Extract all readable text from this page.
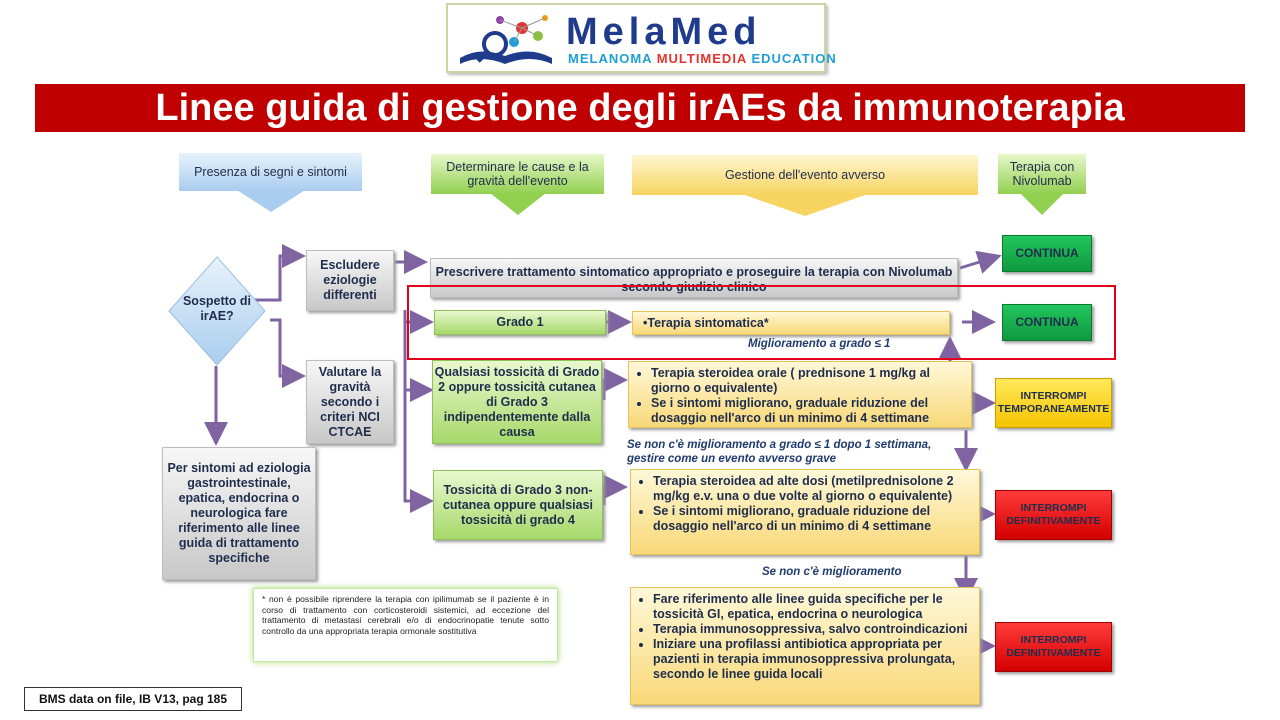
MelaMed
MELANOMA MULTIMEDIA EDUCATION
Linee guida di gestione degli irAEs da immunoterapia
Presenza di segni e sintomi	Determinare le cause e la gravità dell'evento	Gestione dell'evento avverso
Terapia con Nivolumab
Sospetto di irAE?
Escludere eziologie differenti
Valutare la gravità secondo i criteri NCI CTCAE
Per sintomi ad eziologia gastrointestinale, epatica, endocrina o neurologica fare riferimento alle linee guida di trattamento specifiche
Prescrivere trattamento sintomatico appropriato e proseguire la terapia con Nivolumab secondo giudizio clinico
Grado 1	•Terapia sintomatica*
Miglioramento a grado ≤ 1
Qualsiasi tossicità di Grado 2 oppure tossicità cutanea di Grado 3 indipendentemente dalla causa
• Terapia steroidea orale ( prednisone 1 mg/kg al giorno o equivalente)
• Se i sintomi migliorano, graduale riduzione del dosaggio nell'arco di un minimo di 4 settimane
Se non c'è miglioramento a grado ≤ 1 dopo 1 settimana,
gestire come un evento avverso grave
Tossicità di Grado 3 non-cutanea oppure qualsiasi tossicità di grado 4
• Terapia steroidea ad alte dosi (metilprednisolone 2 mg/kg e.v. una o due volte al giorno o equivalente)
• Se i sintomi migliorano, graduale riduzione del dosaggio nell'arco di un minimo di 4 settimane
Se non c'è miglioramento
• Fare riferimento alle linee guida specifiche per le tossicità GI, epatica, endocrina o neurologica
• Terapia immunosoppressiva, salvo controindicazioni
• Iniziare una profilassi antibiotica appropriata per pazienti in terapia immunosoppressiva prolungata, secondo le linee guida locali
CONTINUA
CONTINUA
INTERROMPI TEMPORANEAMENTE
INTERROMPI DEFINITIVAMENTE
INTERROMPI DEFINITIVAMENTE
* non è possibile riprendere la terapia con ipilimumab se il paziente è in corso di trattamento con corticosteroidi sistemici, ad eccezione del trattamento di metastasi cerebrali e/o di endocrinopatie tenute sotto controllo da una appropriata terapia ormonale sostitutiva
BMS data on file, IB V13, pag 185
